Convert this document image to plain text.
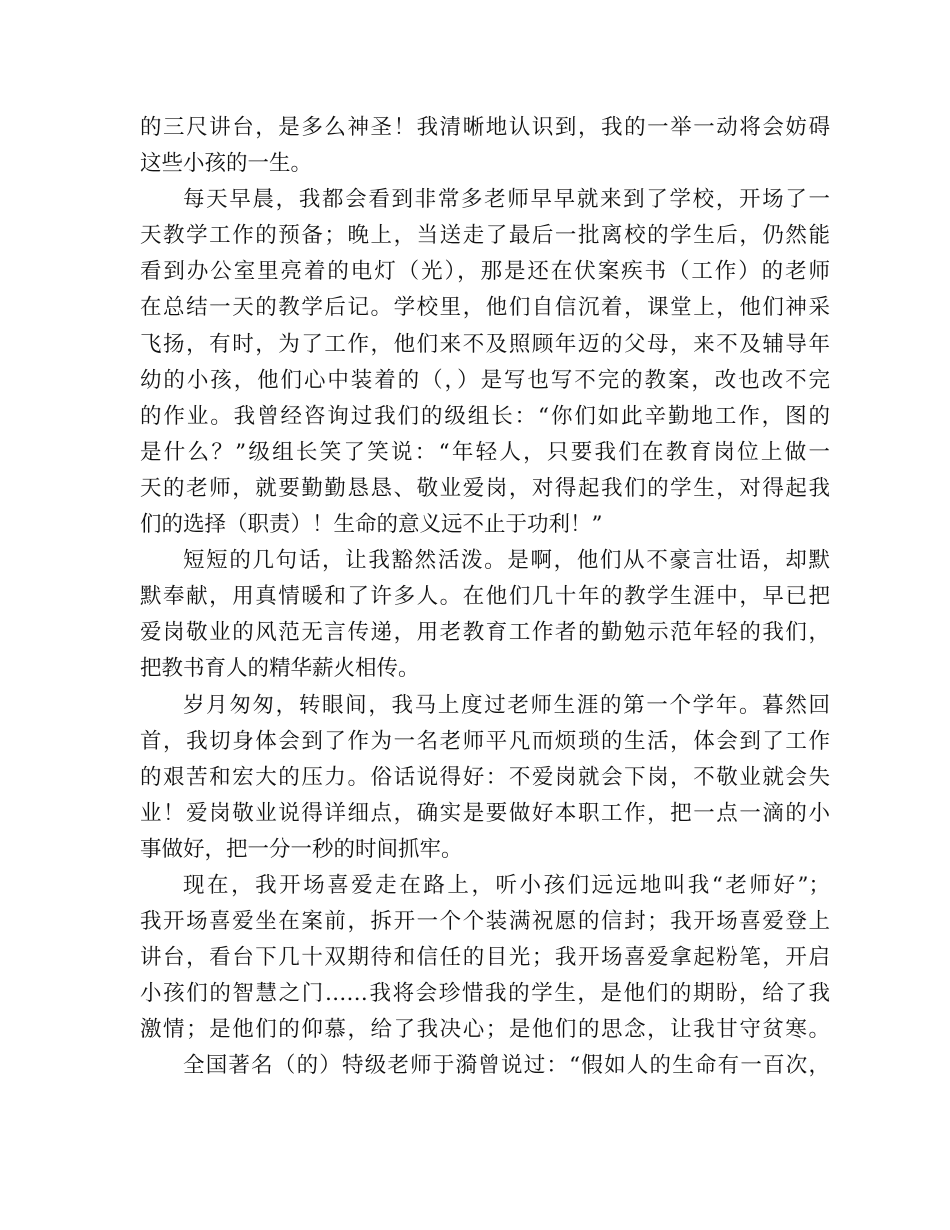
的三尺讲台，是多么神圣！我清晰地认识到，我的一举一动将会妨碍
这些小孩的一生。
每天早晨，我都会看到非常多老师早早就来到了学校，开场了一
天教学工作的预备；晚上，当送走了最后一批离校的学生后，仍然能
看到办公室里亮着的电灯（光），那是还在伏案疾书（工作）的老师
在总结一天的教学后记。学校里，他们自信沉着，课堂上，他们神采
飞扬，有时，为了工作，他们来不及照顾年迈的父母，来不及辅导年
幼的小孩，他们心中装着的（，）是写也写不完的教案，改也改不完
的作业。我曾经咨询过我们的级组长：“你们如此辛勤地工作，图的
是什么？”级组长笑了笑说：“年轻人，只要我们在教育岗位上做一
天的老师，就要勤勤恳恳、敬业爱岗，对得起我们的学生，对得起我
们的选择（职责）！生命的意义远不止于功利！”
短短的几句话，让我豁然活泼。是啊，他们从不豪言壮语，却默
默奉献，用真情暖和了许多人。在他们几十年的教学生涯中，早已把
爱岗敬业的风范无言传递，用老教育工作者的勤勉示范年轻的我们，
把教书育人的精华薪火相传。
岁月匆匆，转眼间，我马上度过老师生涯的第一个学年。暮然回
首，我切身体会到了作为一名老师平凡而烦琐的生活，体会到了工作
的艰苦和宏大的压力。俗话说得好：不爱岗就会下岗，不敬业就会失
业！爱岗敬业说得详细点，确实是要做好本职工作，把一点一滴的小
事做好，把一分一秒的时间抓牢。
现在，我开场喜爱走在路上，听小孩们远远地叫我“老师好”；
我开场喜爱坐在案前，拆开一个个装满祝愿的信封；我开场喜爱登上
讲台，看台下几十双期待和信任的目光；我开场喜爱拿起粉笔，开启
小孩们的智慧之门……我将会珍惜我的学生，是他们的期盼，给了我
激情；是他们的仰慕，给了我决心；是他们的思念，让我甘守贫寒。
全国著名（的）特级老师于漪曾说过：“假如人的生命有一百次，
